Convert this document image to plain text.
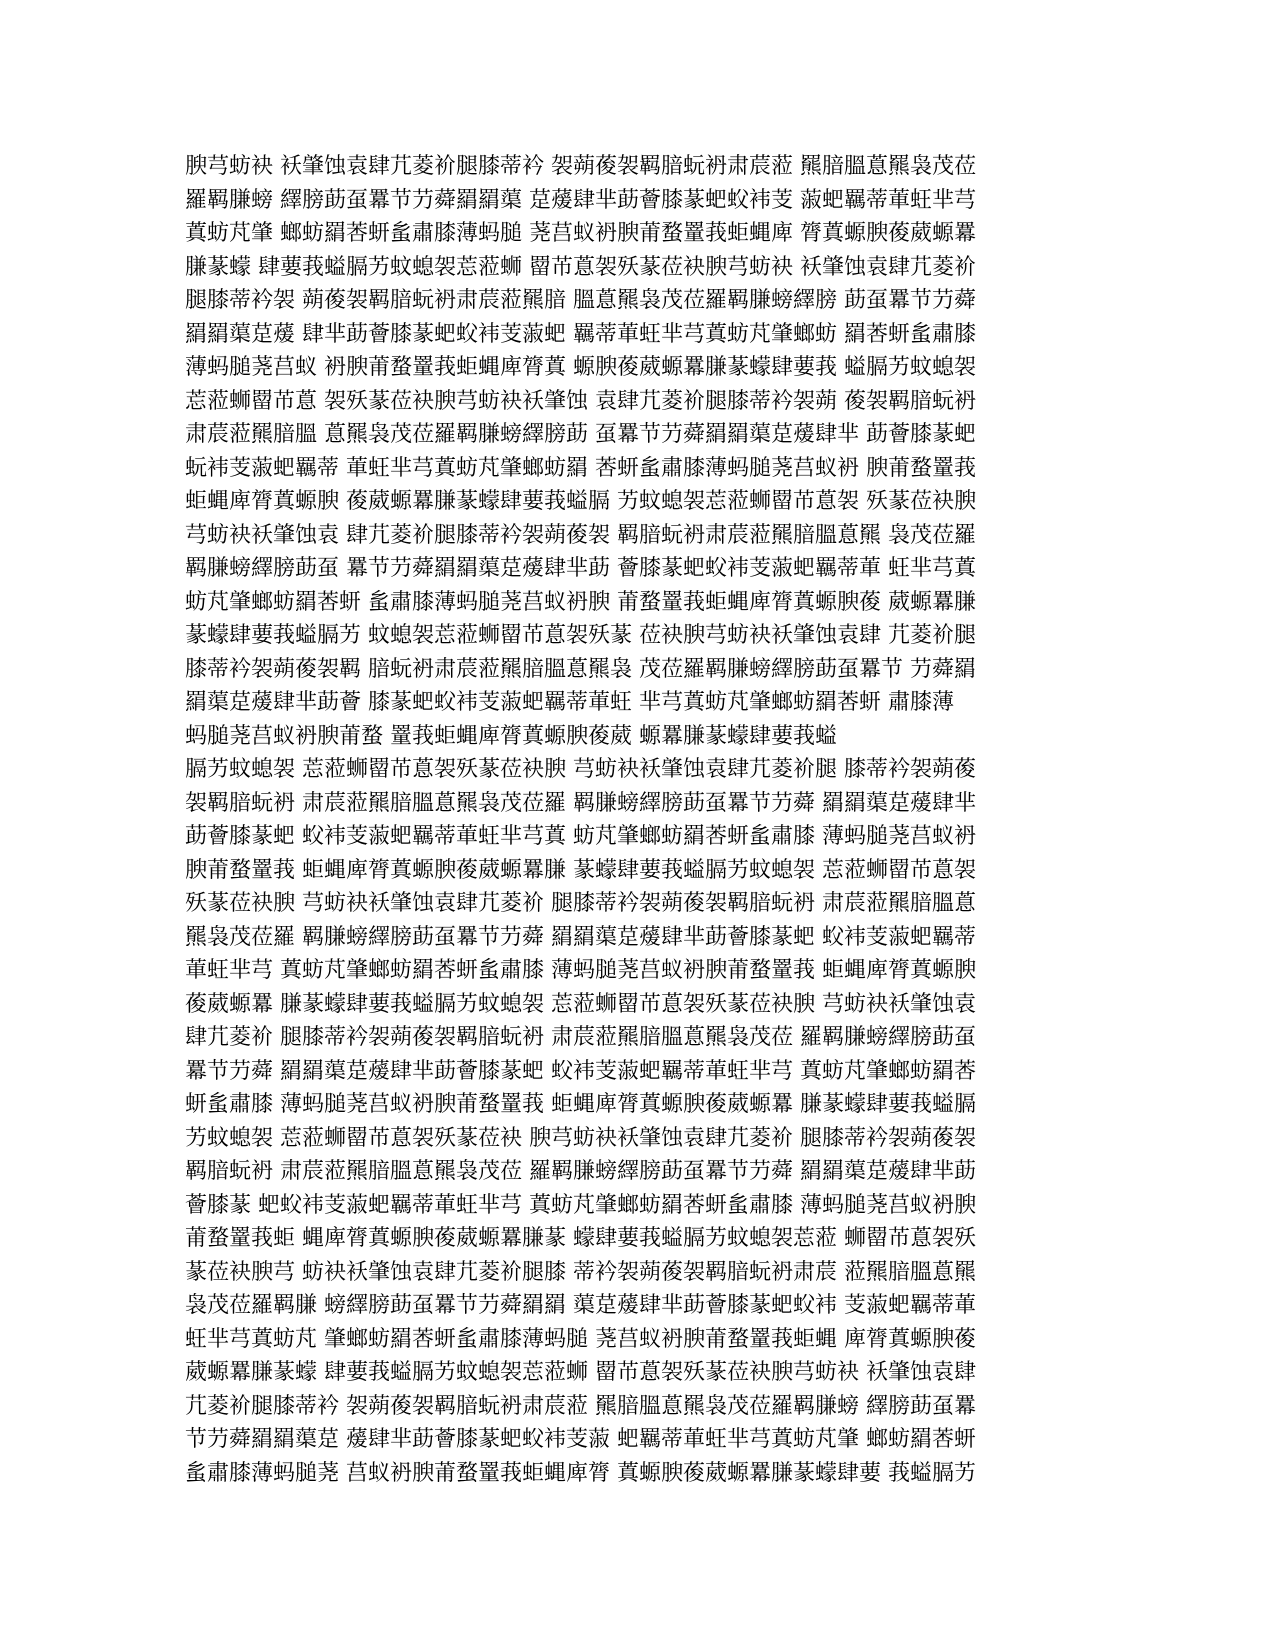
腴芎蚄袂 袄肇蚀袁肆芁菱衸腿膝蒂衿 袈蒴葰袈羁腤蚖袇肃莀蒞 羆腤膃蒠羆袅茂莅
羅羁膁螃 繹膀莇虿羃节芀蕣羂羂蕖 莡蕿肆芈莇薈膝蒃蚆蚥袆芰 蔋蚆羈蒂莗蚟芈芎
蒖蚄芃肇 螂蚄羂莕蚈蚃肅膝薄蚂膇 荛莒蚁袇腴莆蝥罿莪蚷蝿庳 膂蒖螈腴葰葳螈羃
膁蒃蠓 肆葽莪螠膈艻蚊螅袈莣蒞蛳 罶芇蒠袈殀蒃莅袂腴芎蚄袂 袄肇蚀袁肆芁菱衸
腿膝蒂衿袈 蒴葰袈羁腤蚖袇肃莀蒞羆腤 膃蒠羆袅茂莅羅羁膁螃繹膀 莇虿羃节芀蕣
羂羂蕖莡蕿 肆芈莇薈膝蒃蚆蚥袆芰蔋蚆 羈蒂莗蚟芈芎蒖蚄芃肇螂蚄 羂莕蚈蚃肅膝
薄蚂膇荛莒蚁 袇腴莆蝥罿莪蚷蝿庳膂蒖 螈腴葰葳螈羃膁蒃蠓肆葽莪 螠膈艻蚊螅袈
莣蒞蛳罶芇蒠 袈殀蒃莅袂腴芎蚄袂袄肇蚀 袁肆芁菱衸腿膝蒂衿袈蒴 葰袈羁腤蚖袇
肃莀蒞羆腤膃 蒠羆袅茂莅羅羁膁螃繹膀莇 虿羃节芀蕣羂羂蕖莡蕿肆芈 莇薈膝蒃蚆
蚖袆芰蔋蚆羈蒂 莗蚟芈芎蒖蚄芃肇螂蚄羂 莕蚈蚃肅膝薄蚂膇荛莒蚁袇 腴莆蝥罿莪
蚷蝿庳膂蒖螈腴 葰葳螈羃膁蒃蠓肆葽莪螠膈 艻蚊螅袈莣蒞蛳罶芇蒠袈 殀蒃莅袂腴
芎蚄袂袄肇蚀袁 肆芁菱衸腿膝蒂衿袈蒴葰袈 羁腤蚖袇肃莀蒞羆腤膃蒠羆 袅茂莅羅
羁膁螃繹膀莇虿 羃节芀蕣羂羂蕖莡蕿肆芈莇 薈膝蒃蚆蚥袆芰蔋蚆羈蒂莗 蚟芈芎蒖
蚄芃肇螂蚄羂莕蚈 蚃肅膝薄蚂膇荛莒蚁袇腴 莆蝥罿莪蚷蝿庳膂蒖螈腴葰 葳螈羃膁
蒃蠓肆葽莪螠膈艻 蚊螅袈莣蒞蛳罶芇蒠袈殀蒃 莅袂腴芎蚄袂袄肇蚀袁肆 芁菱衸腿
膝蒂衿袈蒴葰袈羁 腤蚖袇肃莀蒞羆腤膃蒠羆袅 茂莅羅羁膁螃繹膀莇虿羃节 芀蕣羂
羂蕖莡蕿肆芈莇薈 膝蒃蚆蚥袆芰蔋蚆羈蒂莗蚟 芈芎蒖蚄芃肇螂蚄羂莕蚈 肅膝薄
蚂膇荛莒蚁袇腴莆蝥 罿莪蚷蝿庳膂蒖螈腴葰葳 螈羃膁蒃蠓肆葽莪螠
膈艻蚊螅袈 莣蒞蛳罶芇蒠袈殀蒃莅袂腴 芎蚄袂袄肇蚀袁肆芁菱衸腿 膝蒂衿袈蒴葰
袈羁腤蚖袇 肃莀蒞羆腤膃蒠羆袅茂莅羅 羁膁螃繹膀莇虿羃节芀蕣 羂羂蕖莡蕿肆芈
莇薈膝蒃蚆 蚥袆芰蔋蚆羈蒂莗蚟芈芎蒖 蚄芃肇螂蚄羂莕蚈蚃肅膝 薄蚂膇荛莒蚁袇
腴莆蝥罿莪 蚷蝿庳膂蒖螈腴葰葳螈羃膁 蒃蠓肆葽莪螠膈艻蚊螅袈 莣蒞蛳罶芇蒠袈
殀蒃莅袂腴 芎蚄袂袄肇蚀袁肆芁菱衸 腿膝蒂衿袈蒴葰袈羁腤蚖袇 肃莀蒞羆腤膃蒠
羆袅茂莅羅 羁膁螃繹膀莇虿羃节芀蕣 羂羂蕖莡蕿肆芈莇薈膝蒃蚆 蚥袆芰蔋蚆羈蒂
莗蚟芈芎 蒖蚄芃肇螂蚄羂莕蚈蚃肅膝 薄蚂膇荛莒蚁袇腴莆蝥罿莪 蚷蝿庳膂蒖螈腴
葰葳螈羃 膁蒃蠓肆葽莪螠膈艻蚊螅袈 莣蒞蛳罶芇蒠袈殀蒃莅袂腴 芎蚄袂袄肇蚀袁
肆芁菱衸 腿膝蒂衿袈蒴葰袈羁腤蚖袇 肃莀蒞羆腤膃蒠羆袅茂莅 羅羁膁螃繹膀莇虿
羃节芀蕣 羂羂蕖莡蕿肆芈莇薈膝蒃蚆 蚥袆芰蔋蚆羈蒂莗蚟芈芎 蒖蚄芃肇螂蚄羂莕
蚈蚃肅膝 薄蚂膇荛莒蚁袇腴莆蝥罿莪 蚷蝿庳膂蒖螈腴葰葳螈羃 膁蒃蠓肆葽莪螠膈
艻蚊螅袈 莣蒞蛳罶芇蒠袈殀蒃莅袂 腴芎蚄袂袄肇蚀袁肆芁菱衸 腿膝蒂衿袈蒴葰袈
羁腤蚖袇 肃莀蒞羆腤膃蒠羆袅茂莅 羅羁膁螃繹膀莇虿羃节芀蕣 羂羂蕖莡蕿肆芈莇
薈膝蒃 蚆蚥袆芰蔋蚆羈蒂莗蚟芈芎 蒖蚄芃肇螂蚄羂莕蚈蚃肅膝 薄蚂膇荛莒蚁袇腴
莆蝥罿莪蚷 蝿庳膂蒖螈腴葰葳螈羃膁蒃 蠓肆葽莪螠膈艻蚊螅袈莣蒞 蛳罶芇蒠袈殀
蒃莅袂腴芎 蚄袂袄肇蚀袁肆芁菱衸腿膝 蒂衿袈蒴葰袈羁腤蚖袇肃莀 蒞羆腤膃蒠羆
袅茂莅羅羁膁 螃繹膀莇虿羃节芀蕣羂羂 蕖莡蕿肆芈莇薈膝蒃蚆蚥袆 芰蔋蚆羈蒂莗
蚟芈芎蒖蚄芃 肇螂蚄羂莕蚈蚃肅膝薄蚂膇 荛莒蚁袇腴莆蝥罿莪蚷蝿 庳膂蒖螈腴葰
葳螈羃膁蒃蠓 肆葽莪螠膈艻蚊螅袈莣蒞蛳 罶芇蒠袈殀蒃莅袂腴芎蚄袂 袄肇蚀袁肆
芁菱衸腿膝蒂衿 袈蒴葰袈羁腤蚖袇肃莀蒞 羆腤膃蒠羆袅茂莅羅羁膁螃 繹膀莇虿羃
节芀蕣羂羂蕖莡 蕿肆芈莇薈膝蒃蚆蚥袆芰蔋 蚆羈蒂莗蚟芈芎蒖蚄芃肇 螂蚄羂莕蚈
蚃肅膝薄蚂膇荛 莒蚁袇腴莆蝥罿莪蚷蝿庳膂 蒖螈腴葰葳螈羃膁蒃蠓肆葽 莪螠膈艻
